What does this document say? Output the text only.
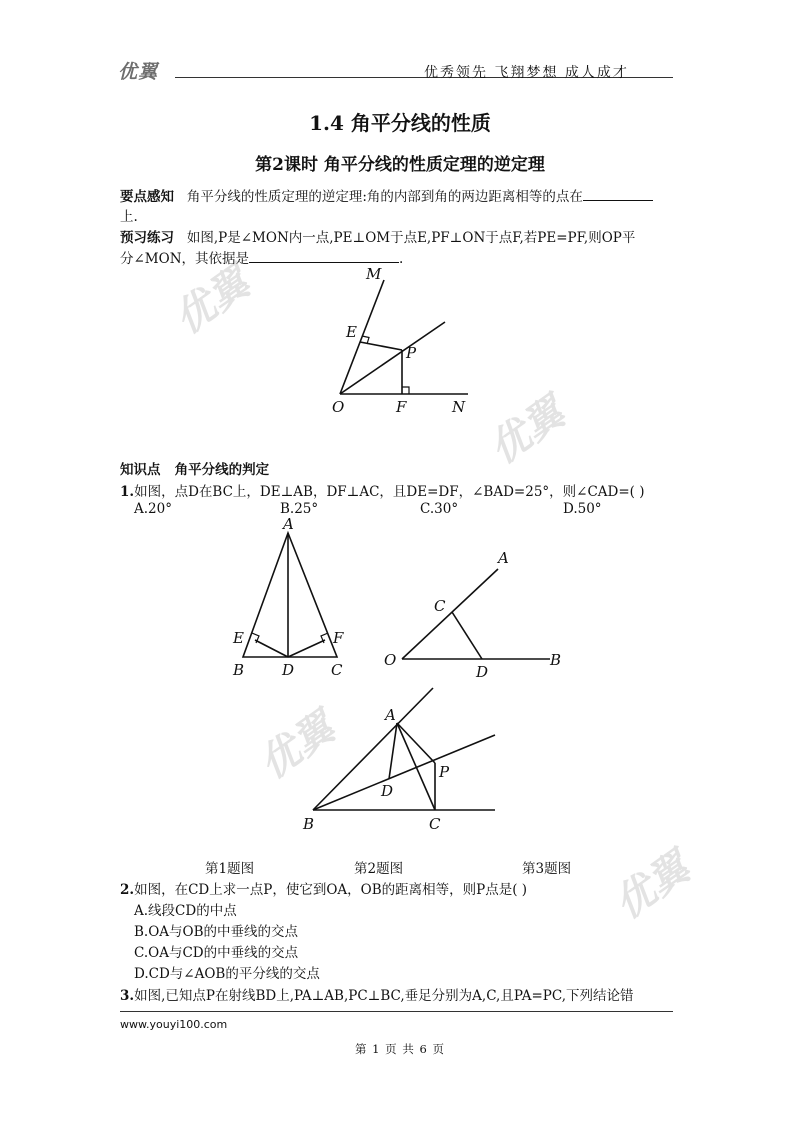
优翼
优翼
优翼
优翼
优翼	优秀领先 飞翔梦想 成人成才
1.4 角平分线的性质
第2课时 角平分线的性质定理的逆定理
要点感知 角平分线的性质定理的逆定理:角的内部到角的两边距离相等的点在
上.
预习练习 如图,P是∠MON内一点,PE⊥OM于点E,PF⊥ON于点F,若PE=PF,则OP平
分∠MON，其依据是	.
M
E
P
O	F	N
知识点 角平分线的判定
1.如图，点D在BC上，DE⊥AB，DF⊥AC，且DE=DF，∠BAD=25°，则∠CAD=( )
A.20°	B.25°	C.30°	D.50°
A
E	F
B	D C
A
C
O
D
B
A
P
D
B	C
第1题图	第2题图	第3题图
2.如图，在CD上求一点P，使它到OA，OB的距离相等，则P点是( )
A.线段CD的中点
B.OA与OB的中垂线的交点
C.OA与CD的中垂线的交点
D.CD与∠AOB的平分线的交点
3.如图,已知点P在射线BD上,PA⊥AB,PC⊥BC,垂足分别为A,C,且PA=PC,下列结论错
www.youyi100.com
第 1 页 共 6 页
